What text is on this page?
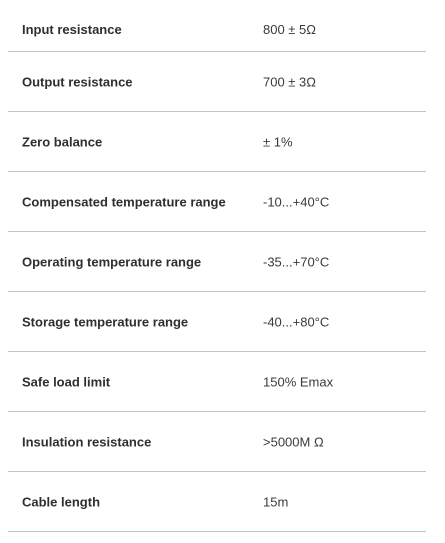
Input resistance	800 ± 5Ω
Output resistance	700 ± 3Ω
Zero balance	± 1%
Compensated temperature range	-10...+40°C
Operating temperature range	-35...+70°C
Storage temperature range	-40...+80°C
Safe load limit	150% Emax
Insulation resistance	>5000M Ω
Cable length	15m
